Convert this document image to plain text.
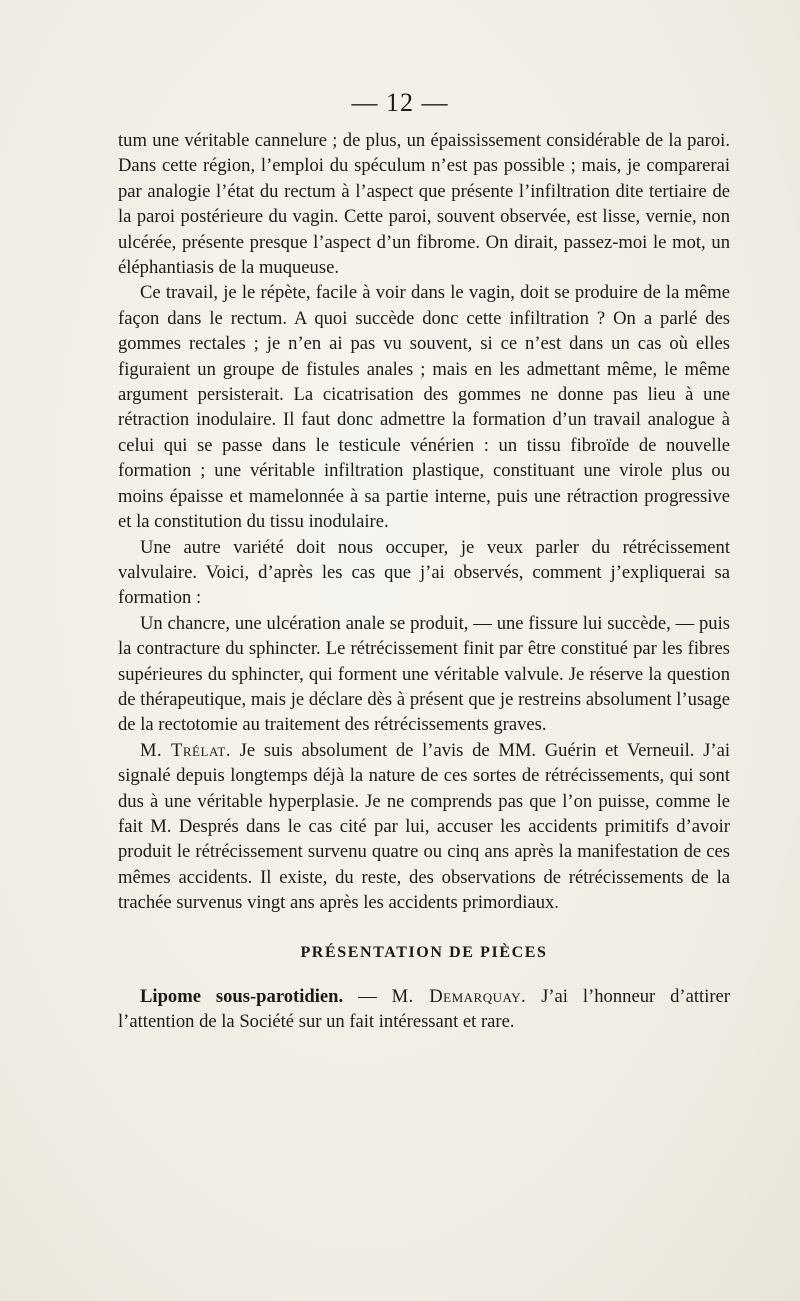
— 12 —

tum une véritable cannelure ; de plus, un épaississement considérable de la paroi. Dans cette région, l’emploi du spéculum n’est pas possible ; mais, je comparerai par analogie l’état du rectum à l’aspect que présente l’infiltration dite tertiaire de la paroi postérieure du vagin. Cette paroi, souvent observée, est lisse, vernie, non ulcérée, présente presque l’aspect d’un fibrome. On dirait, passez-moi le mot, un éléphantiasis de la muqueuse.

Ce travail, je le répète, facile à voir dans le vagin, doit se produire de la même façon dans le rectum. A quoi succède donc cette infiltration ? On a parlé des gommes rectales ; je n’en ai pas vu souvent, si ce n’est dans un cas où elles figuraient un groupe de fistules anales ; mais en les admettant même, le même argument persisterait. La cicatrisation des gommes ne donne pas lieu à une rétraction inodulaire. Il faut donc admettre la formation d’un travail analogue à celui qui se passe dans le testicule vénérien : un tissu fibroïde de nouvelle formation ; une véritable infiltration plastique, constituant une virole plus ou moins épaisse et mamelonnée à sa partie interne, puis une rétraction progressive et la constitution du tissu inodulaire.

Une autre variété doit nous occuper, je veux parler du rétrécissement valvulaire. Voici, d’après les cas que j’ai observés, comment j’expliquerai sa formation :

Un chancre, une ulcération anale se produit, — une fissure lui succède, — puis la contracture du sphincter. Le rétrécissement finit par être constitué par les fibres supérieures du sphincter, qui forment une véritable valvule. Je réserve la question de thérapeutique, mais je déclare dès à présent que je restreins absolument l’usage de la rectotomie au traitement des rétrécissements graves.

M. Trélat. Je suis absolument de l’avis de MM. Guérin et Verneuil. J’ai signalé depuis longtemps déjà la nature de ces sortes de rétrécissements, qui sont dus à une véritable hyperplasie. Je ne comprends pas que l’on puisse, comme le fait M. Després dans le cas cité par lui, accuser les accidents primitifs d’avoir produit le rétrécissement survenu quatre ou cinq ans après la manifestation de ces mêmes accidents. Il existe, du reste, des observations de rétrécissements de la trachée survenus vingt ans après les accidents primordiaux.

PRÉSENTATION DE PIÈCES

Lipome sous-parotidien. — M. Demarquay. J’ai l’honneur d’attirer l’attention de la Société sur un fait intéressant et rare.
